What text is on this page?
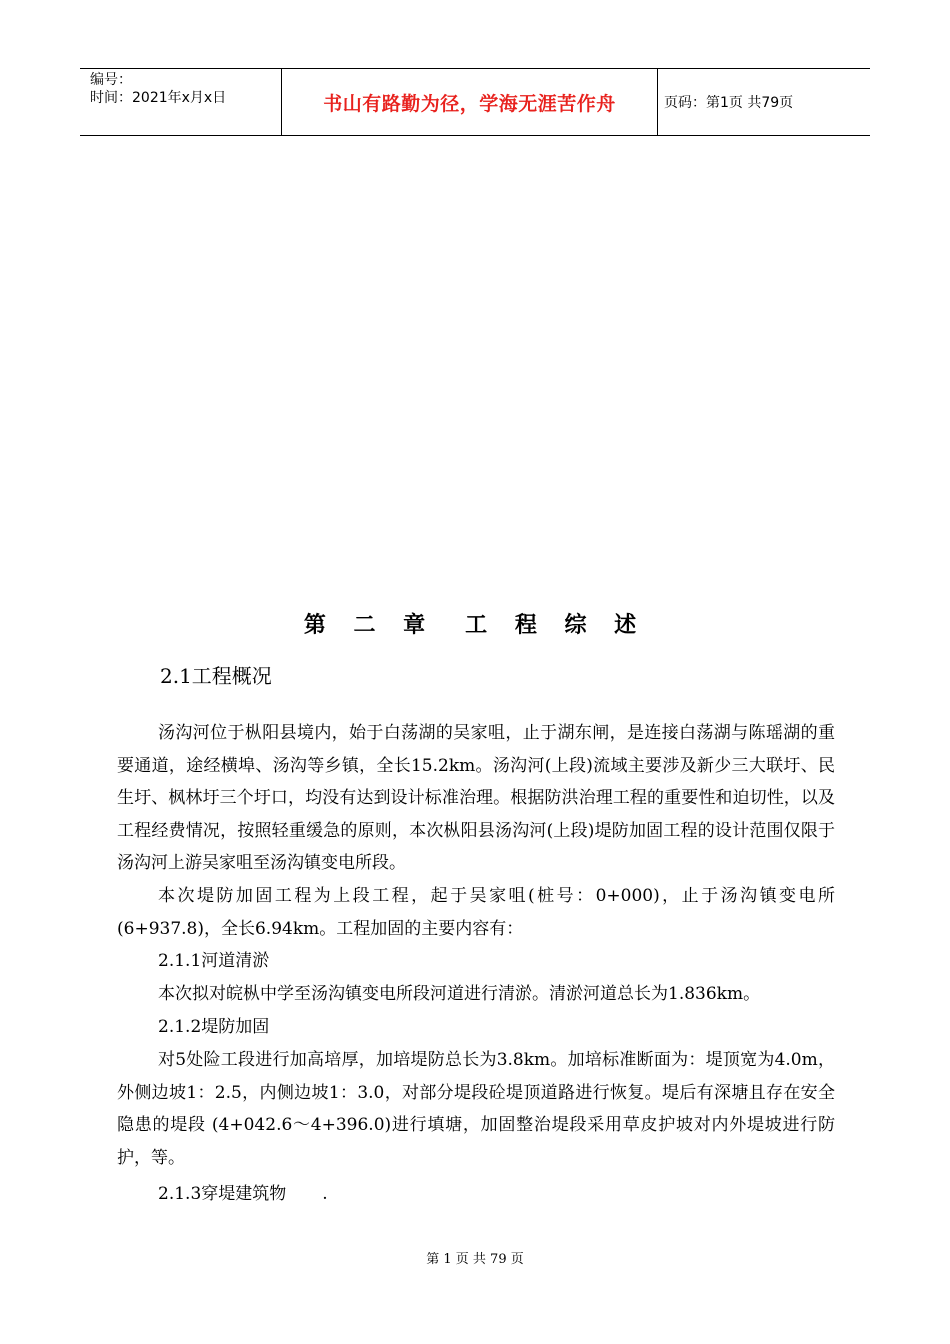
编号：
时间：2021年x月x日	书山有路勤为径，学海无涯苦作舟	页码：第1页 共79页
第 二 章 工 程 综 述
2.1工程概况
汤沟河位于枞阳县境内，始于白荡湖的吴家咀，止于湖东闸，是连接白荡湖与陈瑶湖的重要通道，途经横埠、汤沟等乡镇，全长15.2km。汤沟河(上段)流域主要涉及新少三大联圩、民生圩、枫林圩三个圩口，均没有达到设计标准治理。根据防洪治理工程的重要性和迫切性，以及工程经费情况，按照轻重缓急的原则，本次枞阳县汤沟河(上段)堤防加固工程的设计范围仅限于汤沟河上游吴家咀至汤沟镇变电所段。
本次堤防加固工程为上段工程，起于吴家咀(桩号：0+000)，止于汤沟镇变电所(6+937.8)，全长6.94km。工程加固的主要内容有：
2.1.1河道清淤
本次拟对皖枞中学至汤沟镇变电所段河道进行清淤。清淤河道总长为1.836km。
2.1.2堤防加固
对5处险工段进行加高培厚，加培堤防总长为3.8km。加培标准断面为：堤顶宽为4.0m，外侧边坡1：2.5，内侧边坡1：3.0，对部分堤段砼堤顶道路进行恢复。堤后有深塘且存在安全隐患的堤段 (4+042.6～4+396.0)进行填塘，加固整治堤段采用草皮护坡对内外堤坡进行防护，等。
2.1.3穿堤建筑物 .
第 1 页 共 79 页
